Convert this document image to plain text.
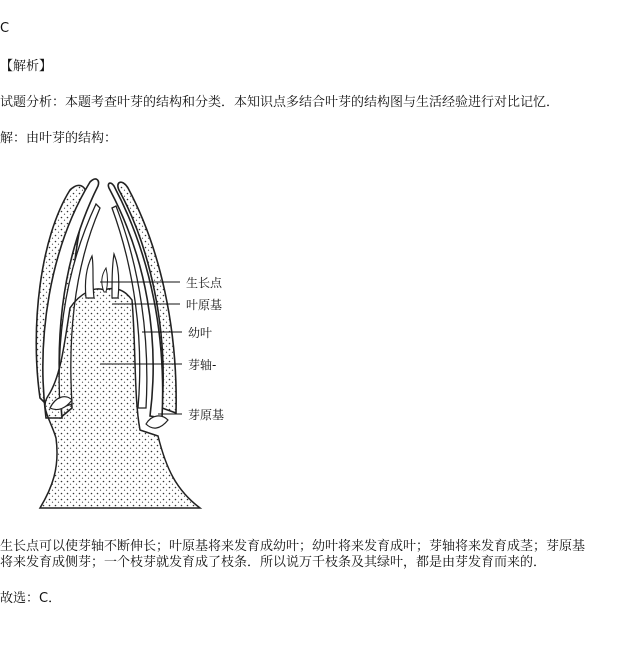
C
【解析】
试题分析：本题考查叶芽的结构和分类．本知识点多结合叶芽的结构图与生活经验进行对比记忆．
解：由叶芽的结构：
生长点
叶原基
幼叶
芽轴-
芽原基
生长点可以使芽轴不断伸长；叶原基将来发育成幼叶；幼叶将来发育成叶；芽轴将来发育成茎；芽原基
将来发育成侧芽；一个枝芽就发育成了枝条．所以说万千枝条及其绿叶，都是由芽发育而来的．
故选：C．
